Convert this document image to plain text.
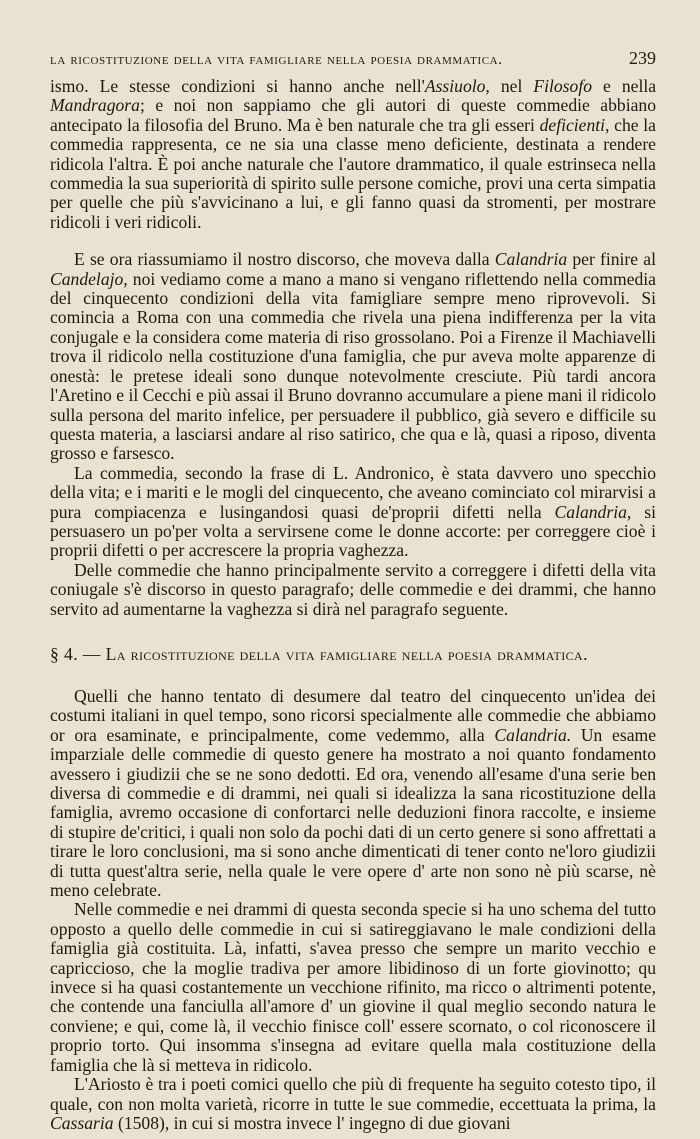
la ricostituzione della vita famigliare nella poesia drammatica.	239

ismo. Le stesse condizioni si hanno anche nell'Assiuolo, nel Filosofo e nella Mandragora; e noi non sappiamo che gli autori di queste commedie abbiano antecipato la filosofia del Bruno. Ma è ben naturale che tra gli esseri deficienti, che la commedia rappresenta, ce ne sia una classe meno deficiente, destinata a rendere ridicola l'altra. È poi anche naturale che l'autore drammatico, il quale estrinseca nella commedia la sua superiorità di spirito sulle persone comiche, provi una certa simpatia per quelle che più s'avvicinano a lui, e gli fanno quasi da stromenti, per mostrare ridicoli i veri ridicoli.

E se ora riassumiamo il nostro discorso, che moveva dalla Calandria per finire al Candelajo, noi vediamo come a mano a mano si vengano riflettendo nella commedia del cinquecento condizioni della vita famigliare sempre meno riprovevoli. Si comincia a Roma con una commedia che rivela una piena indifferenza per la vita conjugale e la considera come materia di riso grossolano. Poi a Firenze il Machiavelli trova il ridicolo nella costituzione d'una famiglia, che pur aveva molte apparenze di onestà: le pretese ideali sono dunque notevolmente cresciute. Più tardi ancora l'Aretino e il Cecchi e più assai il Bruno dovranno accumulare a piene mani il ridicolo sulla persona del marito infelice, per persuadere il pubblico, già severo e difficile su questa materia, a lasciarsi andare al riso satirico, che qua e là, quasi a riposo, diventa grosso e farsesco.

La commedia, secondo la frase di L. Andronico, è stata davvero uno specchio della vita; e i mariti e le mogli del cinquecento, che aveano cominciato col mirarvisi a pura compiacenza e lusingandosi quasi de'proprii difetti nella Calandria, si persuasero un po'per volta a servirsene come le donne accorte: per correggere cioè i proprii difetti o per accrescere la propria vaghezza.

Delle commedie che hanno principalmente servito a correggere i difetti della vita coniugale s'è discorso in questo paragrafo; delle commedie e dei drammi, che hanno servito ad aumentarne la vaghezza si dirà nel paragrafo seguente.

§ 4. — La ricostituzione della vita famigliare nella poesia drammatica.

Quelli che hanno tentato di desumere dal teatro del cinquecento un'idea dei costumi italiani in quel tempo, sono ricorsi specialmente alle commedie che abbiamo or ora esaminate, e principalmente, come vedemmo, alla Calandria. Un esame imparziale delle commedie di questo genere ha mostrato a noi quanto fondamento avessero i giudizii che se ne sono dedotti. Ed ora, venendo all'esame d'una serie ben diversa di commedie e di drammi, nei quali si idealizza la sana ricostituzione della famiglia, avremo occasione di confortarci nelle deduzioni finora raccolte, e insieme di stupire de'critici, i quali non solo da pochi dati di un certo genere si sono affrettati a tirare le loro conclusioni, ma si sono anche dimenticati di tener conto ne'loro giudizii di tutta quest'altra serie, nella quale le vere opere d' arte non sono nè più scarse, nè meno celebrate.

Nelle commedie e nei drammi di questa seconda specie si ha uno schema del tutto opposto a quello delle commedie in cui si satireggiavano le male condizioni della famiglia già costituita. Là, infatti, s'avea presso che sempre un marito vecchio e capriccioso, che la moglie tradiva per amore libidinoso di un forte giovinotto; qu invece si ha quasi costantemente un vecchione rifinito, ma ricco o altrimenti potente, che contende una fanciulla all'amore d' un giovine il qual meglio secondo natura le conviene; e qui, come là, il vecchio finisce coll' essere scornato, o col riconoscere il proprio torto. Qui insomma s'insegna ad evitare quella mala costituzione della famiglia che là si metteva in ridicolo.

L'Ariosto è tra i poeti comici quello che più di frequente ha seguito cotesto tipo, il quale, con non molta varietà, ricorre in tutte le sue commedie, eccettuata la prima, la Cassaria (1508), in cui si mostra invece l' ingegno di due giovani
